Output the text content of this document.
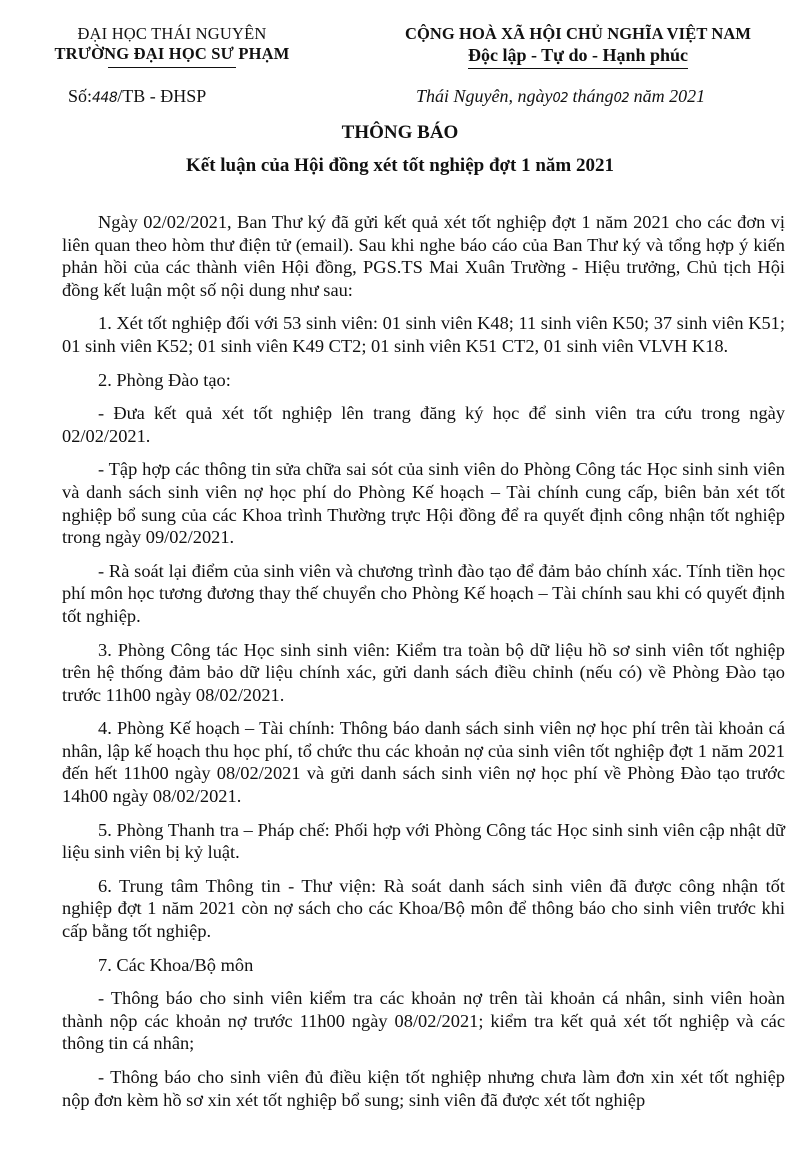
ĐẠI HỌC THÁI NGUYÊN
TRƯỜNG ĐẠI HỌC SƯ PHẠM
CỘNG HOÀ XÃ HỘI CHỦ NGHĨA VIỆT NAM
Độc lập - Tự do - Hạnh phúc
Số:448/TB - ĐHSP	Thái Nguyên, ngày02 tháng02 năm 2021
THÔNG BÁO
Kết luận của Hội đồng xét tốt nghiệp đợt 1 năm 2021

Ngày 02/02/2021, Ban Thư ký đã gửi kết quả xét tốt nghiệp đợt 1 năm 2021 cho các đơn vị liên quan theo hòm thư điện tử (email). Sau khi nghe báo cáo của Ban Thư ký và tổng hợp ý kiến phản hồi của các thành viên Hội đồng, PGS.TS Mai Xuân Trường - Hiệu trưởng, Chủ tịch Hội đồng kết luận một số nội dung như sau:

1. Xét tốt nghiệp đối với 53 sinh viên: 01 sinh viên K48; 11 sinh viên K50; 37 sinh viên K51; 01 sinh viên K52; 01 sinh viên K49 CT2; 01 sinh viên K51 CT2, 01 sinh viên VLVH K18.

2. Phòng Đào tạo:

- Đưa kết quả xét tốt nghiệp lên trang đăng ký học để sinh viên tra cứu trong ngày 02/02/2021.

- Tập hợp các thông tin sửa chữa sai sót của sinh viên do Phòng Công tác Học sinh sinh viên và danh sách sinh viên nợ học phí do Phòng Kế hoạch – Tài chính cung cấp, biên bản xét tốt nghiệp bổ sung của các Khoa trình Thường trực Hội đồng để ra quyết định công nhận tốt nghiệp trong ngày 09/02/2021.

- Rà soát lại điểm của sinh viên và chương trình đào tạo để đảm bảo chính xác. Tính tiền học phí môn học tương đương thay thế chuyển cho Phòng Kế hoạch – Tài chính sau khi có quyết định tốt nghiệp.

3. Phòng Công tác Học sinh sinh viên: Kiểm tra toàn bộ dữ liệu hồ sơ sinh viên tốt nghiệp trên hệ thống đảm bảo dữ liệu chính xác, gửi danh sách điều chỉnh (nếu có) về Phòng Đào tạo trước 11h00 ngày 08/02/2021.

4. Phòng Kế hoạch – Tài chính: Thông báo danh sách sinh viên nợ học phí trên tài khoản cá nhân, lập kế hoạch thu học phí, tổ chức thu các khoản nợ của sinh viên tốt nghiệp đợt 1 năm 2021 đến hết 11h00 ngày 08/02/2021 và gửi danh sách sinh viên nợ học phí về Phòng Đào tạo trước 14h00 ngày 08/02/2021.

5. Phòng Thanh tra – Pháp chế: Phối hợp với Phòng Công tác Học sinh sinh viên cập nhật dữ liệu sinh viên bị kỷ luật.

6. Trung tâm Thông tin - Thư viện: Rà soát danh sách sinh viên đã được công nhận tốt nghiệp đợt 1 năm 2021 còn nợ sách cho các Khoa/Bộ môn để thông báo cho sinh viên trước khi cấp bằng tốt nghiệp.

7. Các Khoa/Bộ môn

- Thông báo cho sinh viên kiểm tra các khoản nợ trên tài khoản cá nhân, sinh viên hoàn thành nộp các khoản nợ trước 11h00 ngày 08/02/2021; kiểm tra kết quả xét tốt nghiệp và các thông tin cá nhân;

- Thông báo cho sinh viên đủ điều kiện tốt nghiệp nhưng chưa làm đơn xin xét tốt nghiệp nộp đơn kèm hồ sơ xin xét tốt nghiệp bổ sung; sinh viên đã được xét tốt nghiệp
